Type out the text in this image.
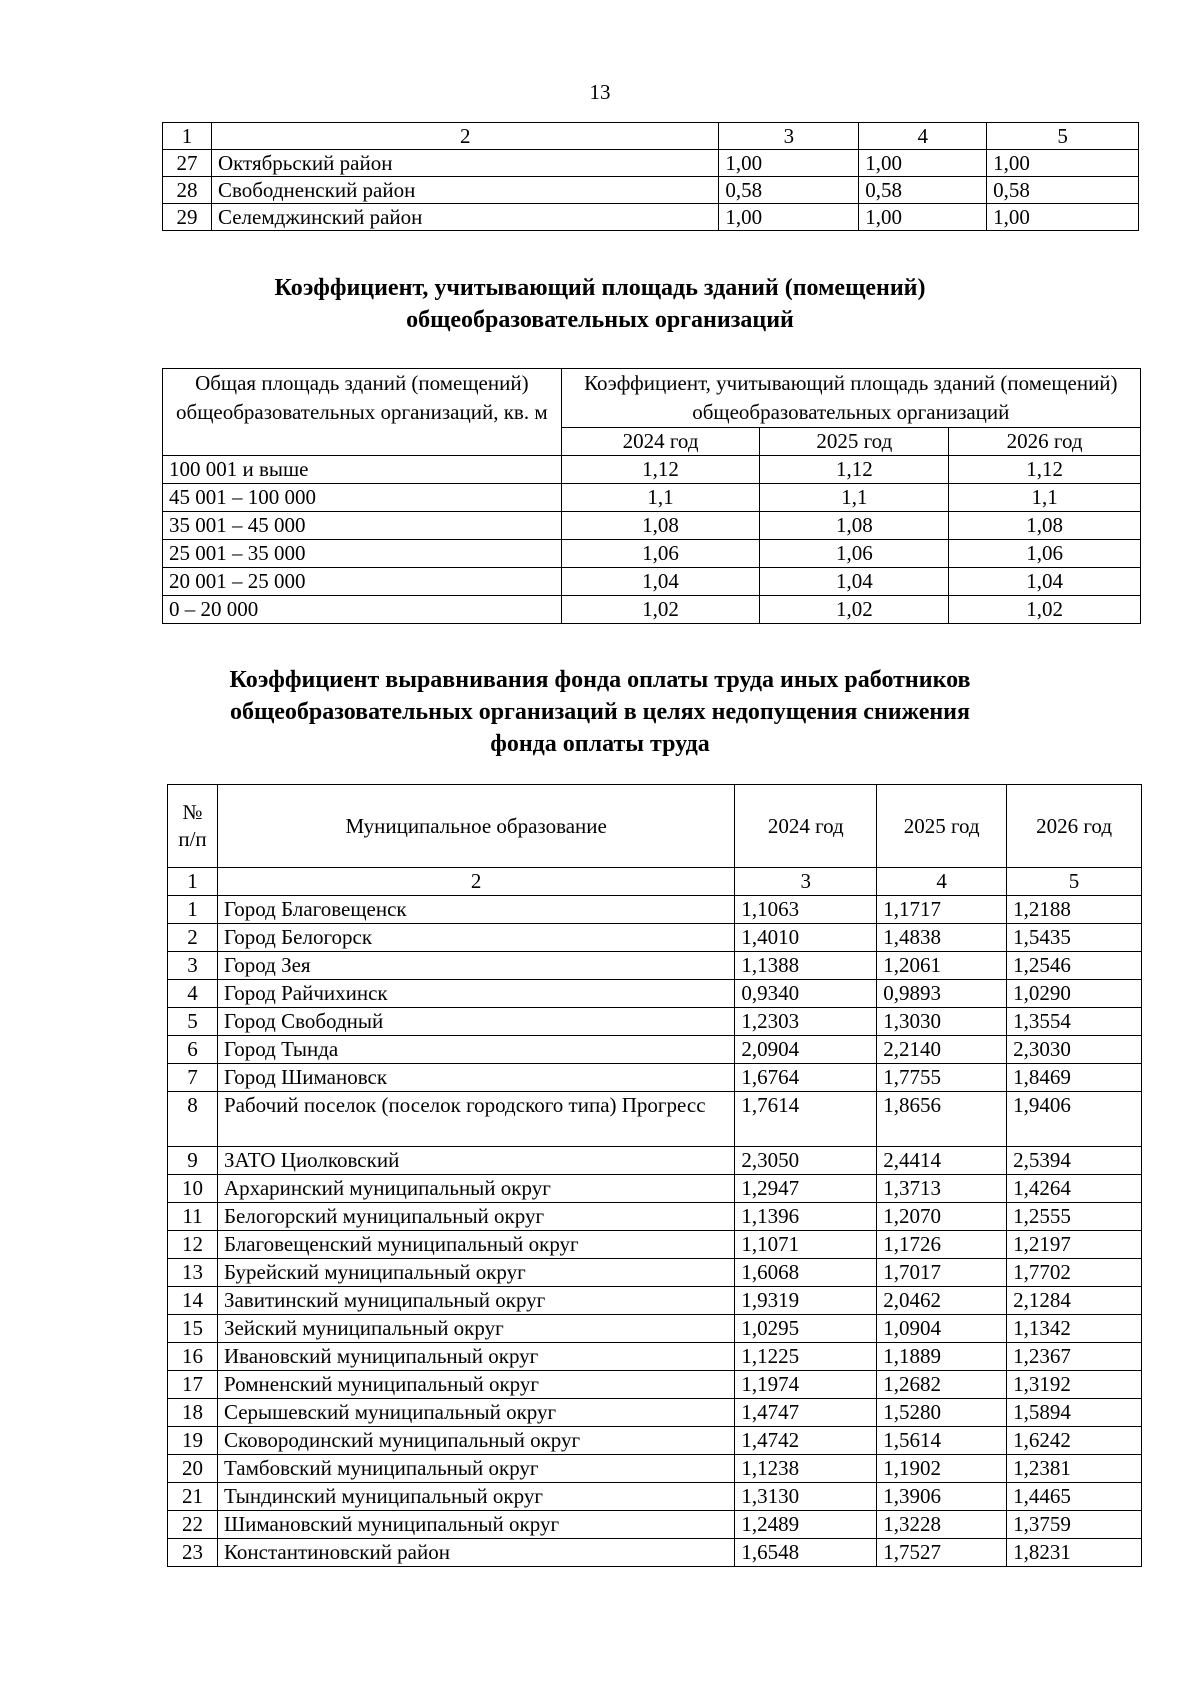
13
1	2	3	4	5
27	Октябрьский район	1,00	1,00	1,00
28	Свободненский район	0,58	0,58	0,58
29	Селемджинский район	1,00	1,00	1,00
Коэффициент, учитывающий площадь зданий (помещений)
общеобразовательных организаций
Общая площадь зданий (помещений) общеобразовательных организаций, кв. м	Коэффициент, учитывающий площадь зданий (помещений) общеобразовательных организаций		
	2024 год	2025 год	2026 год
100 001 и выше	1,12	1,12	1,12
45 001 – 100 000	1,1	1,1	1,1
35 001 – 45 000	1,08	1,08	1,08
25 001 – 35 000	1,06	1,06	1,06
20 001 – 25 000	1,04	1,04	1,04
0 – 20 000	1,02	1,02	1,02
Коэффициент выравнивания фонда оплаты труда иных работников
общеобразовательных организаций в целях недопущения снижения
фонда оплаты труда
№ п/п	Муниципальное образование	2024 год	2025 год	2026 год
1	2	3	4	5
1	Город Благовещенск	1,1063	1,1717	1,2188
2	Город Белогорск	1,4010	1,4838	1,5435
3	Город Зея	1,1388	1,2061	1,2546
4	Город Райчихинск	0,9340	0,9893	1,0290
5	Город Свободный	1,2303	1,3030	1,3554
6	Город Тында	2,0904	2,2140	2,3030
7	Город Шимановск	1,6764	1,7755	1,8469
8	Рабочий поселок (поселок городского типа) Прогресс	1,7614	1,8656	1,9406
9	ЗАТО Циолковский	2,3050	2,4414	2,5394
10	Архаринский муниципальный округ	1,2947	1,3713	1,4264
11	Белогорский муниципальный округ	1,1396	1,2070	1,2555
12	Благовещенский муниципальный округ	1,1071	1,1726	1,2197
13	Бурейский муниципальный округ	1,6068	1,7017	1,7702
14	Завитинский муниципальный округ	1,9319	2,0462	2,1284
15	Зейский муниципальный округ	1,0295	1,0904	1,1342
16	Ивановский муниципальный округ	1,1225	1,1889	1,2367
17	Ромненский муниципальный округ	1,1974	1,2682	1,3192
18	Серышевский муниципальный округ	1,4747	1,5280	1,5894
19	Сковородинский муниципальный округ	1,4742	1,5614	1,6242
20	Тамбовский муниципальный округ	1,1238	1,1902	1,2381
21	Тындинский муниципальный округ	1,3130	1,3906	1,4465
22	Шимановский муниципальный округ	1,2489	1,3228	1,3759
23	Константиновский район	1,6548	1,7527	1,8231
